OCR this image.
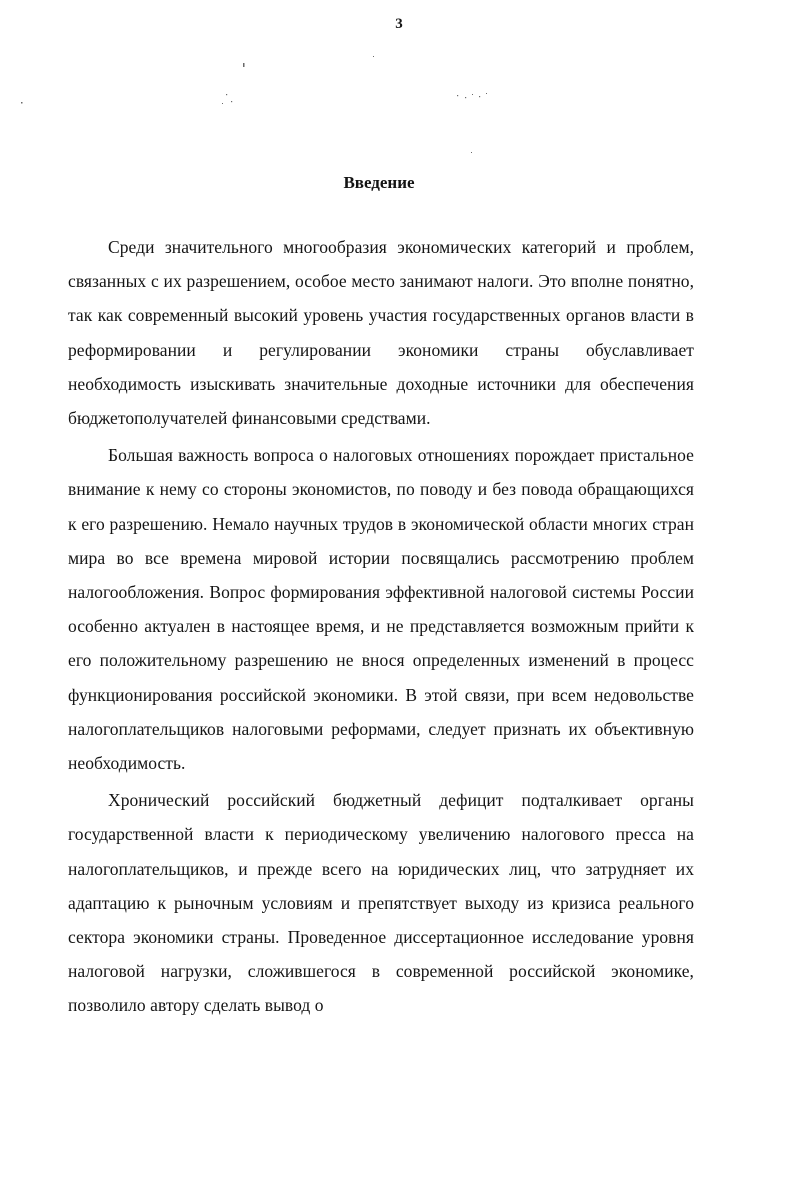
3
Введение

Среди значительного многообразия экономических категорий и проблем, связанных с их разрешением, особое место занимают налоги. Это вполне понятно, так как современный высокий уровень участия государственных органов власти в реформировании и регулировании экономики страны обуславливает необходимость изыскивать значительные доходные источники для обеспечения бюджетополучателей финансовыми средствами.

Большая важность вопроса о налоговых отношениях порождает пристальное внимание к нему со стороны экономистов, по поводу и без повода обращающихся к его разрешению. Немало научных трудов в экономической области многих стран мира во все времена мировой истории посвящались рассмотрению проблем налогообложения. Вопрос формирования эффективной налоговой системы России особенно актуален в настоящее время, и не представляется возможным прийти к его положительному разрешению не внося определенных изменений в процесс функционирования российской экономики. В этой связи, при всем недовольстве налогоплательщиков налоговыми реформами, следует признать их объективную необходимость.

Хронический российский бюджетный дефицит подталкивает органы государственной власти к периодическому увеличению налогового пресса на налогоплательщиков, и прежде всего на юридических лиц, что затрудняет их адаптацию к рыночным условиям и препятствует выходу из кризиса реального сектора экономики страны. Проведенное диссертационное исследование уровня налоговой нагрузки, сложившегося в современной российской экономике, позволило автору сделать вывод о
